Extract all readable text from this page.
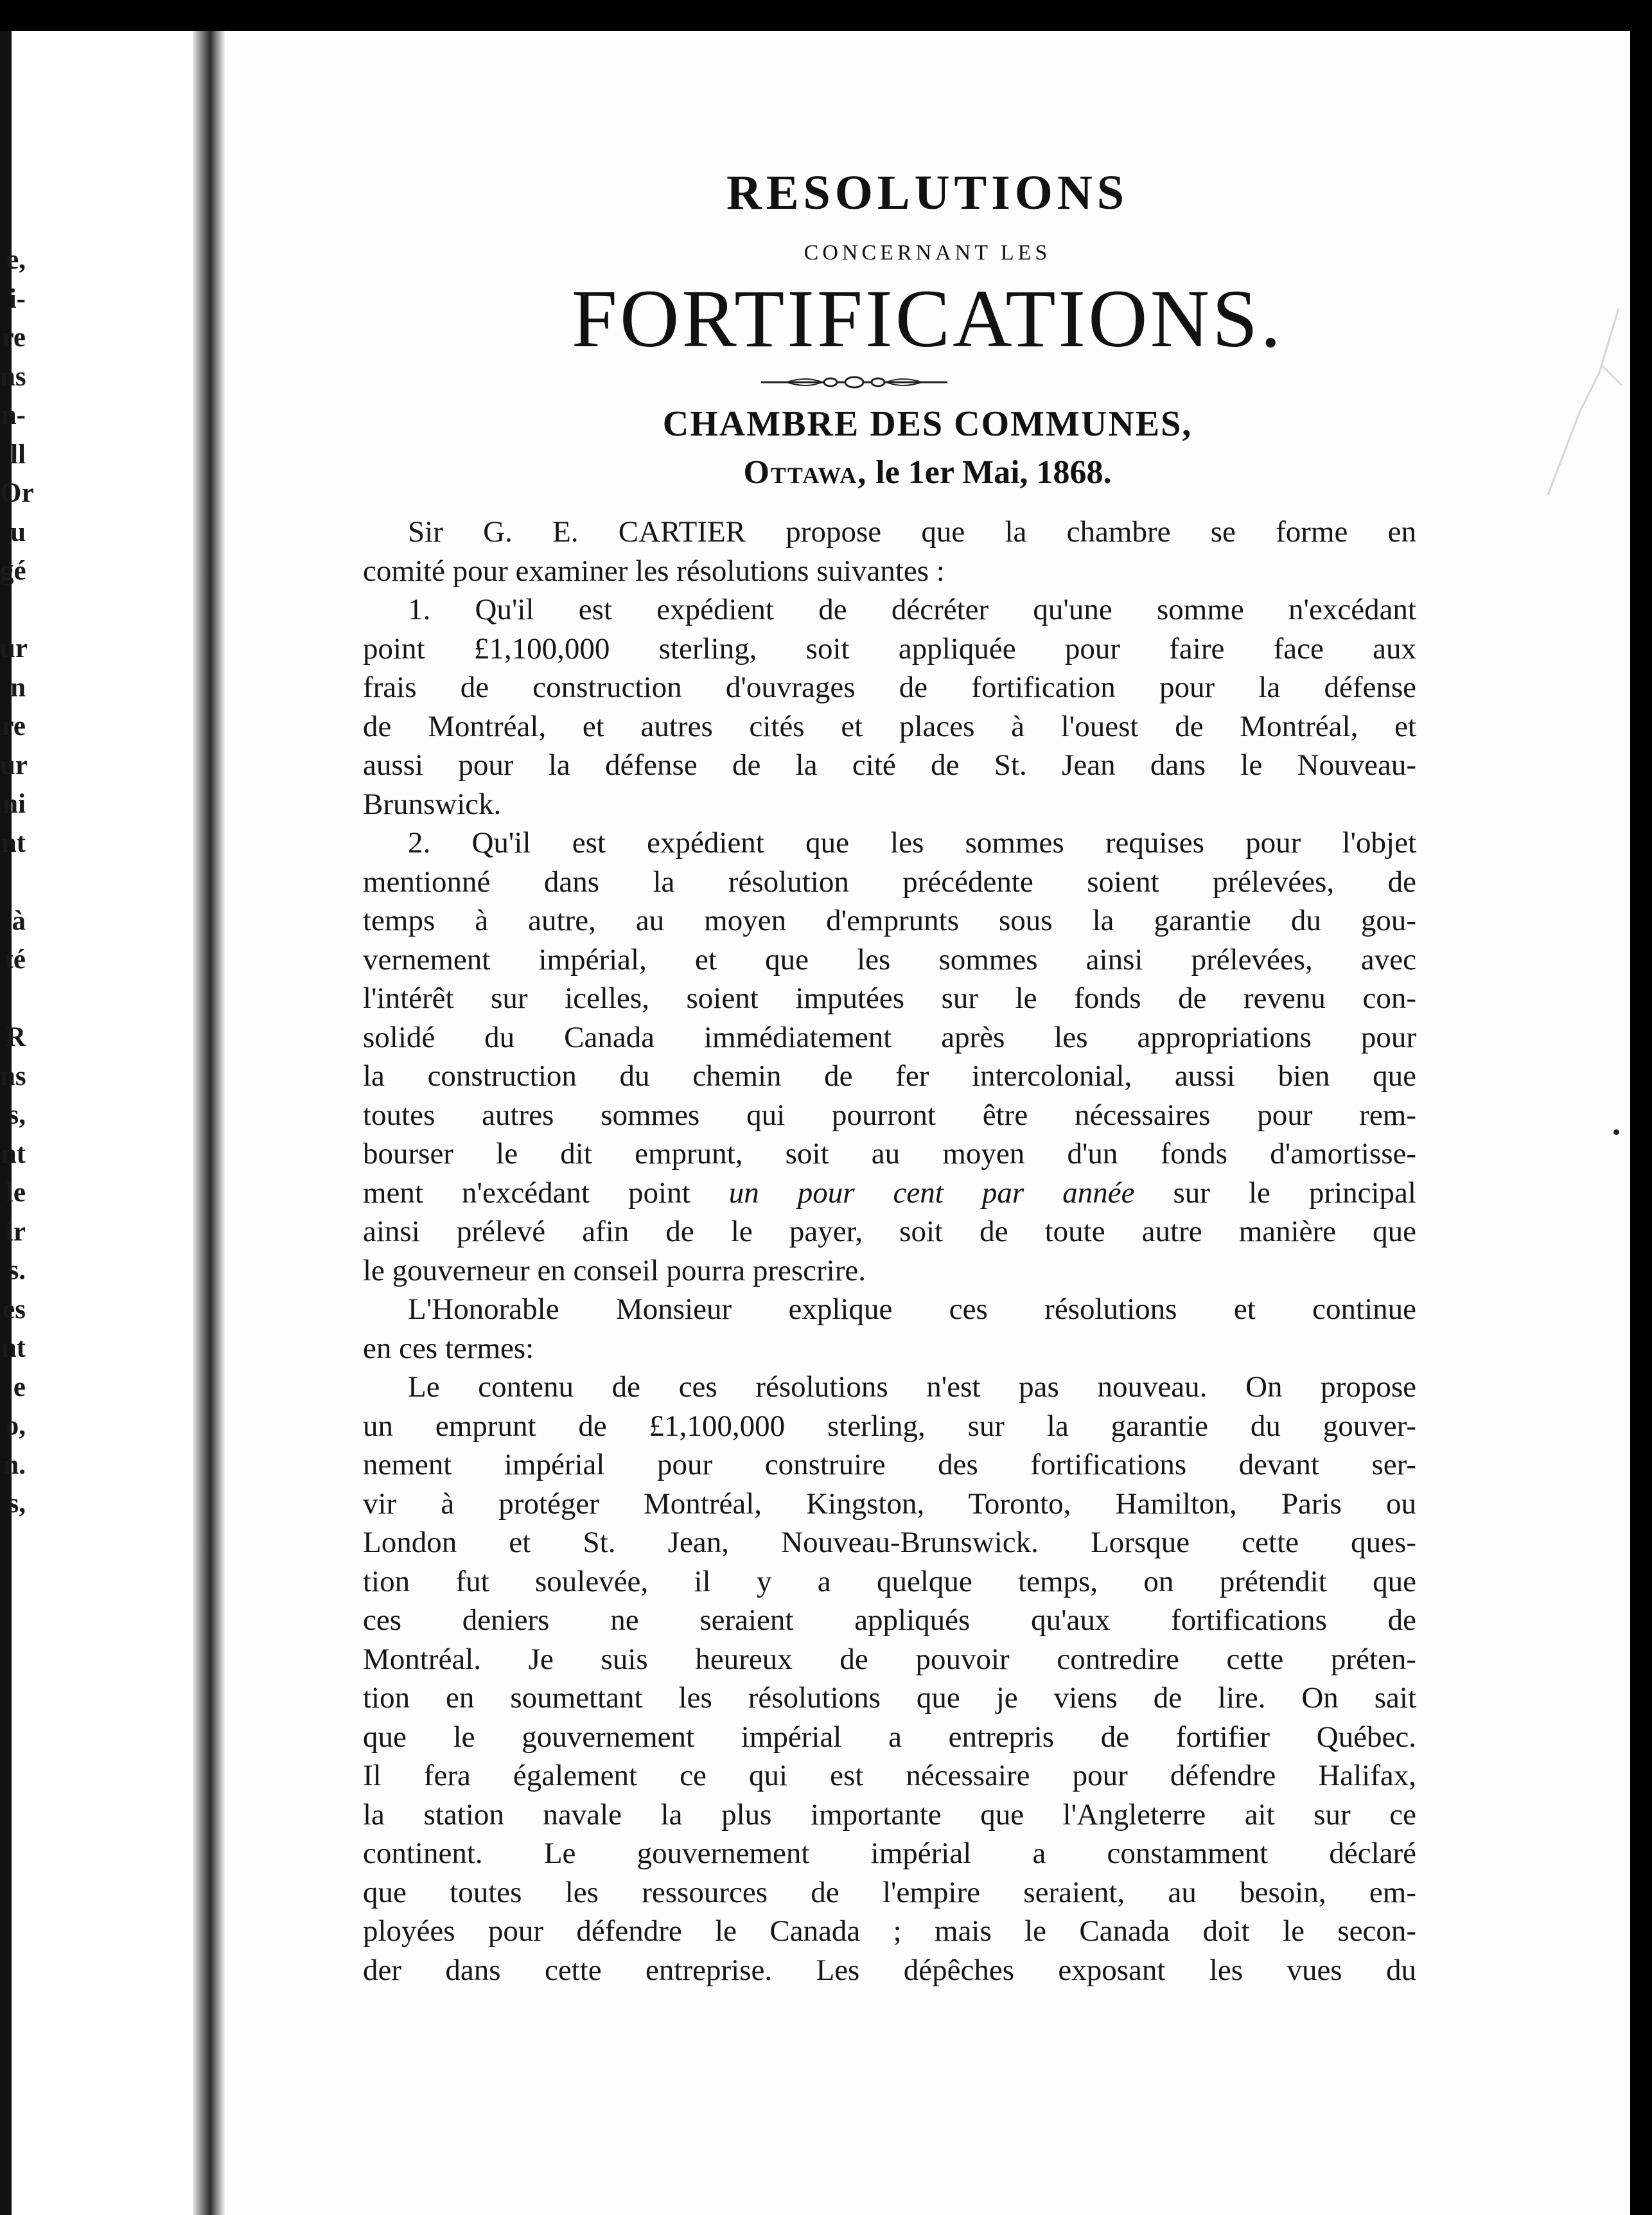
e,
i-
re
ns
n-
ll
Or
u
gé
ur
n
re
ur
ni
nt
à
té
R
ns
s,
nt
le
ir
s.
es
nt
e
o,
n.
s,
RESOLUTIONS
CONCERNANT LES
FORTIFICATIONS.
CHAMBRE DES COMMUNES,
Ottawa, le 1er Mai, 1868.
Sir G. E. CARTIER propose que la chambre se forme en
comité pour examiner les résolutions suivantes :
1. Qu'il est expédient de décréter qu'une somme n'excédant
point £1,100,000 sterling, soit appliquée pour faire face aux
frais de construction d'ouvrages de fortification pour la défense
de Montréal, et autres cités et places à l'ouest de Montréal, et
aussi pour la défense de la cité de St. Jean dans le Nouveau-
Brunswick.
2. Qu'il est expédient que les sommes requises pour l'objet
mentionné dans la résolution précédente soient prélevées, de
temps à autre, au moyen d'emprunts sous la garantie du gou-
vernement impérial, et que les sommes ainsi prélevées, avec
l'intérêt sur icelles, soient imputées sur le fonds de revenu con-
solidé du Canada immédiatement après les appropriations pour
la construction du chemin de fer intercolonial, aussi bien que
toutes autres sommes qui pourront être nécessaires pour rem-
bourser le dit emprunt, soit au moyen d'un fonds d'amortisse-
ment n'excédant point un pour cent par année sur le principal
ainsi prélevé afin de le payer, soit de toute autre manière que
le gouverneur en conseil pourra prescrire.
L'Honorable Monsieur explique ces résolutions et continue
en ces termes:
Le contenu de ces résolutions n'est pas nouveau. On propose
un emprunt de £1,100,000 sterling, sur la garantie du gouver-
nement impérial pour construire des fortifications devant ser-
vir à protéger Montréal, Kingston, Toronto, Hamilton, Paris ou
London et St. Jean, Nouveau-Brunswick. Lorsque cette ques-
tion fut soulevée, il y a quelque temps, on prétendit que
ces deniers ne seraient appliqués qu'aux fortifications de
Montréal. Je suis heureux de pouvoir contredire cette préten-
tion en soumettant les résolutions que je viens de lire. On sait
que le gouvernement impérial a entrepris de fortifier Québec.
Il fera également ce qui est nécessaire pour défendre Halifax,
la station navale la plus importante que l'Angleterre ait sur ce
continent. Le gouvernement impérial a constamment déclaré
que toutes les ressources de l'empire seraient, au besoin, em-
ployées pour défendre le Canada ; mais le Canada doit le secon-
der dans cette entreprise. Les dépêches exposant les vues du
